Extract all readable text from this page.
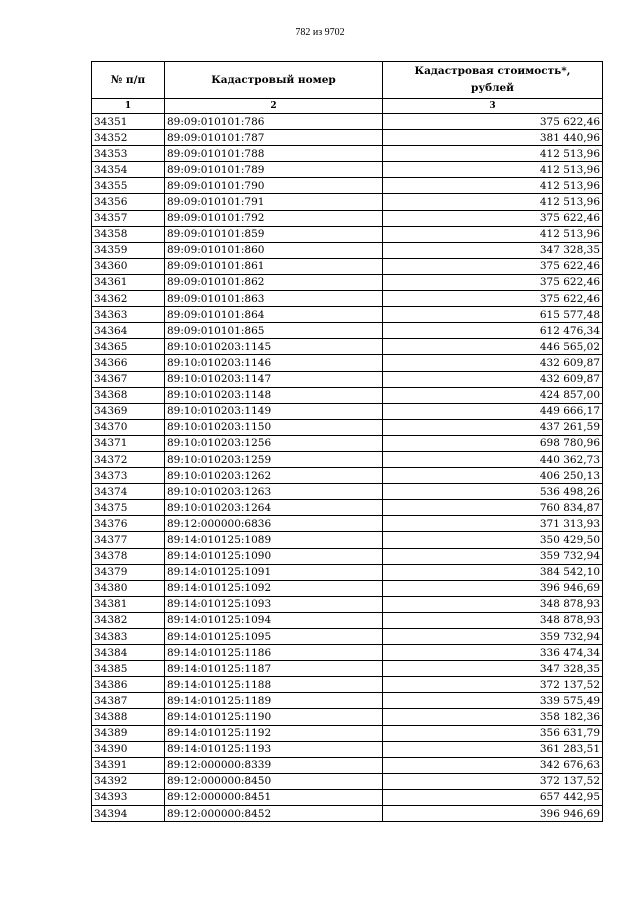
782 из 9702
№ п/п	Кадастровый номер	Кадастровая стоимость*,
рублей
1	2	3
34351	89:09:010101:786	375 622,46
34352	89:09:010101:787	381 440,96
34353	89:09:010101:788	412 513,96
34354	89:09:010101:789	412 513,96
34355	89:09:010101:790	412 513,96
34356	89:09:010101:791	412 513,96
34357	89:09:010101:792	375 622,46
34358	89:09:010101:859	412 513,96
34359	89:09:010101:860	347 328,35
34360	89:09:010101:861	375 622,46
34361	89:09:010101:862	375 622,46
34362	89:09:010101:863	375 622,46
34363	89:09:010101:864	615 577,48
34364	89:09:010101:865	612 476,34
34365	89:10:010203:1145	446 565,02
34366	89:10:010203:1146	432 609,87
34367	89:10:010203:1147	432 609,87
34368	89:10:010203:1148	424 857,00
34369	89:10:010203:1149	449 666,17
34370	89:10:010203:1150	437 261,59
34371	89:10:010203:1256	698 780,96
34372	89:10:010203:1259	440 362,73
34373	89:10:010203:1262	406 250,13
34374	89:10:010203:1263	536 498,26
34375	89:10:010203:1264	760 834,87
34376	89:12:000000:6836	371 313,93
34377	89:14:010125:1089	350 429,50
34378	89:14:010125:1090	359 732,94
34379	89:14:010125:1091	384 542,10
34380	89:14:010125:1092	396 946,69
34381	89:14:010125:1093	348 878,93
34382	89:14:010125:1094	348 878,93
34383	89:14:010125:1095	359 732,94
34384	89:14:010125:1186	336 474,34
34385	89:14:010125:1187	347 328,35
34386	89:14:010125:1188	372 137,52
34387	89:14:010125:1189	339 575,49
34388	89:14:010125:1190	358 182,36
34389	89:14:010125:1192	356 631,79
34390	89:14:010125:1193	361 283,51
34391	89:12:000000:8339	342 676,63
34392	89:12:000000:8450	372 137,52
34393	89:12:000000:8451	657 442,95
34394	89:12:000000:8452	396 946,69
